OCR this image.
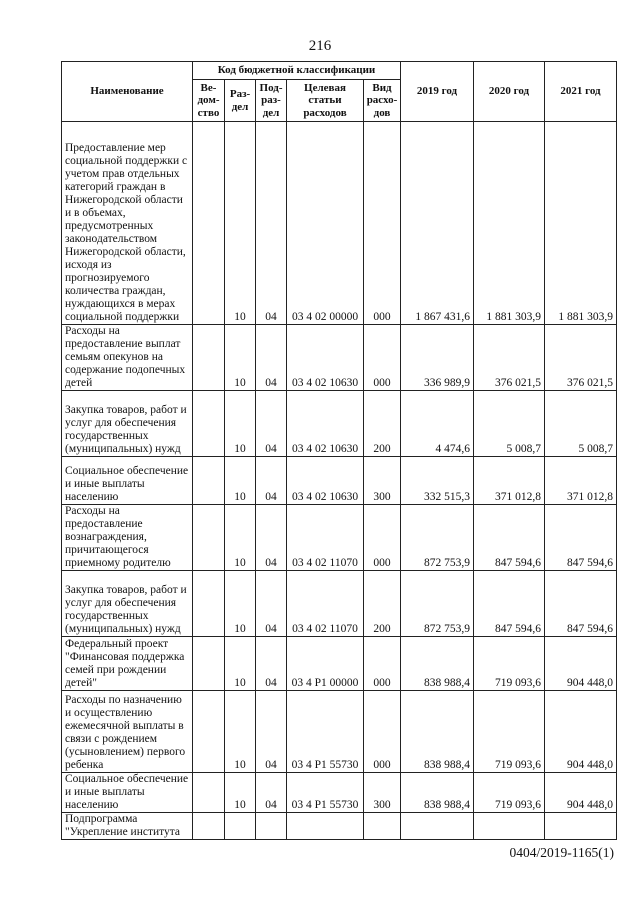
216
Наименование	Код бюджетной классификации					2019 год	2020 год	2021 год
	Ве-дом-ство	Раз-дел	Под-раз-дел	Целевая статьи расходов	Вид расхо-дов			
Предоставление мер социальной поддержки с учетом прав отдельных категорий граждан в Нижегородской области и в объемах, предусмотренных законодательством Нижегородской области, исходя из прогнозируемого количества граждан, нуждающихся в мерах социальной поддержки		10	04	03 4 02 00000	000	1 867 431,6	1 881 303,9	1 881 303,9
Расходы на предоставление выплат семьям опекунов на содержание подопечных детей		10	04	03 4 02 10630	000	336 989,9	376 021,5	376 021,5
Закупка товаров, работ и услуг для обеспечения государственных (муниципальных) нужд		10	04	03 4 02 10630	200	4 474,6	5 008,7	5 008,7
Социальное обеспечение и иные выплаты населению		10	04	03 4 02 10630	300	332 515,3	371 012,8	371 012,8
Расходы на предоставление вознаграждения, причитающегося приемному родителю		10	04	03 4 02 11070	000	872 753,9	847 594,6	847 594,6
Закупка товаров, работ и услуг для обеспечения государственных (муниципальных) нужд		10	04	03 4 02 11070	200	872 753,9	847 594,6	847 594,6
Федеральный проект "Финансовая поддержка семей при рождении детей"		10	04	03 4 P1 00000	000	838 988,4	719 093,6	904 448,0
Расходы по назначению и осуществлению ежемесячной выплаты в связи с рождением (усыновлением) первого ребенка		10	04	03 4 P1 55730	000	838 988,4	719 093,6	904 448,0
Социальное обеспечение и иные выплаты населению		10	04	03 4 P1 55730	300	838 988,4	719 093,6	904 448,0
Подпрограмма "Укрепление института								
0404/2019-1165(1)
